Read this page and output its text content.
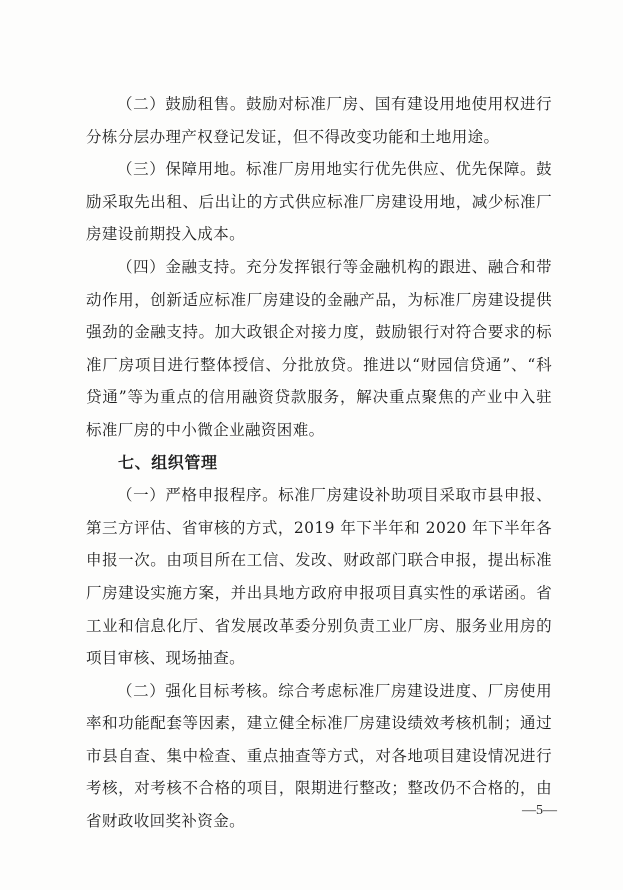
（二）鼓励租售。鼓励对标准厂房、国有建设用地使用权进行分栋分层办理产权登记发证，但不得改变功能和土地用途。

（三）保障用地。标准厂房用地实行优先供应、优先保障。鼓励采取先出租、后出让的方式供应标准厂房建设用地，减少标准厂房建设前期投入成本。

（四）金融支持。充分发挥银行等金融机构的跟进、融合和带动作用，创新适应标准厂房建设的金融产品，为标准厂房建设提供强劲的金融支持。加大政银企对接力度，鼓励银行对符合要求的标准厂房项目进行整体授信、分批放贷。推进以“财园信贷通”、“科贷通”等为重点的信用融资贷款服务，解决重点聚焦的产业中入驻标准厂房的中小微企业融资困难。

七、组织管理

（一）严格申报程序。标准厂房建设补助项目采取市县申报、第三方评估、省审核的方式，2019 年下半年和 2020 年下半年各申报一次。由项目所在工信、发改、财政部门联合申报，提出标准厂房建设实施方案，并出具地方政府申报项目真实性的承诺函。省工业和信息化厅、省发展改革委分别负责工业厂房、服务业用房的项目审核、现场抽查。

（二）强化目标考核。综合考虑标准厂房建设进度、厂房使用率和功能配套等因素，建立健全标准厂房建设绩效考核机制；通过市县自查、集中检查、重点抽查等方式，对各地项目建设情况进行考核，对考核不合格的项目，限期进行整改；整改仍不合格的，由省财政收回奖补资金。

—5—
